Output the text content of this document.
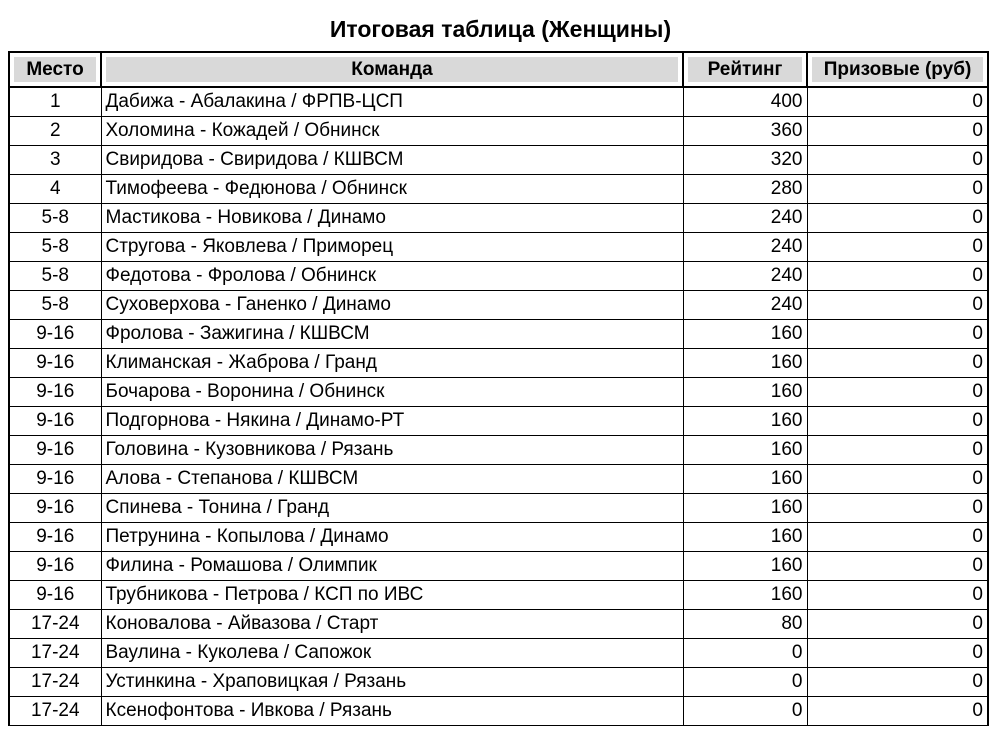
Итоговая таблица (Женщины)
Место	Команда	Рейтинг	Призовые (руб)

1	Дабижа - Абалакина / ФРПВ-ЦСП	400	0
2	Холомина - Кожадей / Обнинск	360	0
3	Свиридова - Свиридова / КШВСМ	320	0
4	Тимофеева - Федюнова / Обнинск	280	0
5-8	Мастикова - Новикова / Динамо	240	0
5-8	Стругова - Яковлева / Приморец	240	0
5-8	Федотова - Фролова / Обнинск	240	0
5-8	Суховерхова - Ганенко / Динамо	240	0
9-16	Фролова - Зажигина / КШВСМ	160	0
9-16	Климанская - Жаброва / Гранд	160	0
9-16	Бочарова - Воронина / Обнинск	160	0
9-16	Подгорнова - Някина / Динамо-РТ	160	0
9-16	Головина - Кузовникова / Рязань	160	0
9-16	Алова - Степанова / КШВСМ	160	0
9-16	Спинева - Тонина / Гранд	160	0
9-16	Петрунина - Копылова / Динамо	160	0
9-16	Филина - Ромашова / Олимпик	160	0
9-16	Трубникова - Петрова / КСП по ИВС	160	0
17-24	Коновалова - Айвазова / Старт	80	0
17-24	Ваулина - Куколева / Сапожок	0	0
17-24	Устинкина - Храповицкая / Рязань	0	0
17-24	Ксенофонтова - Ивкова / Рязань	0	0
